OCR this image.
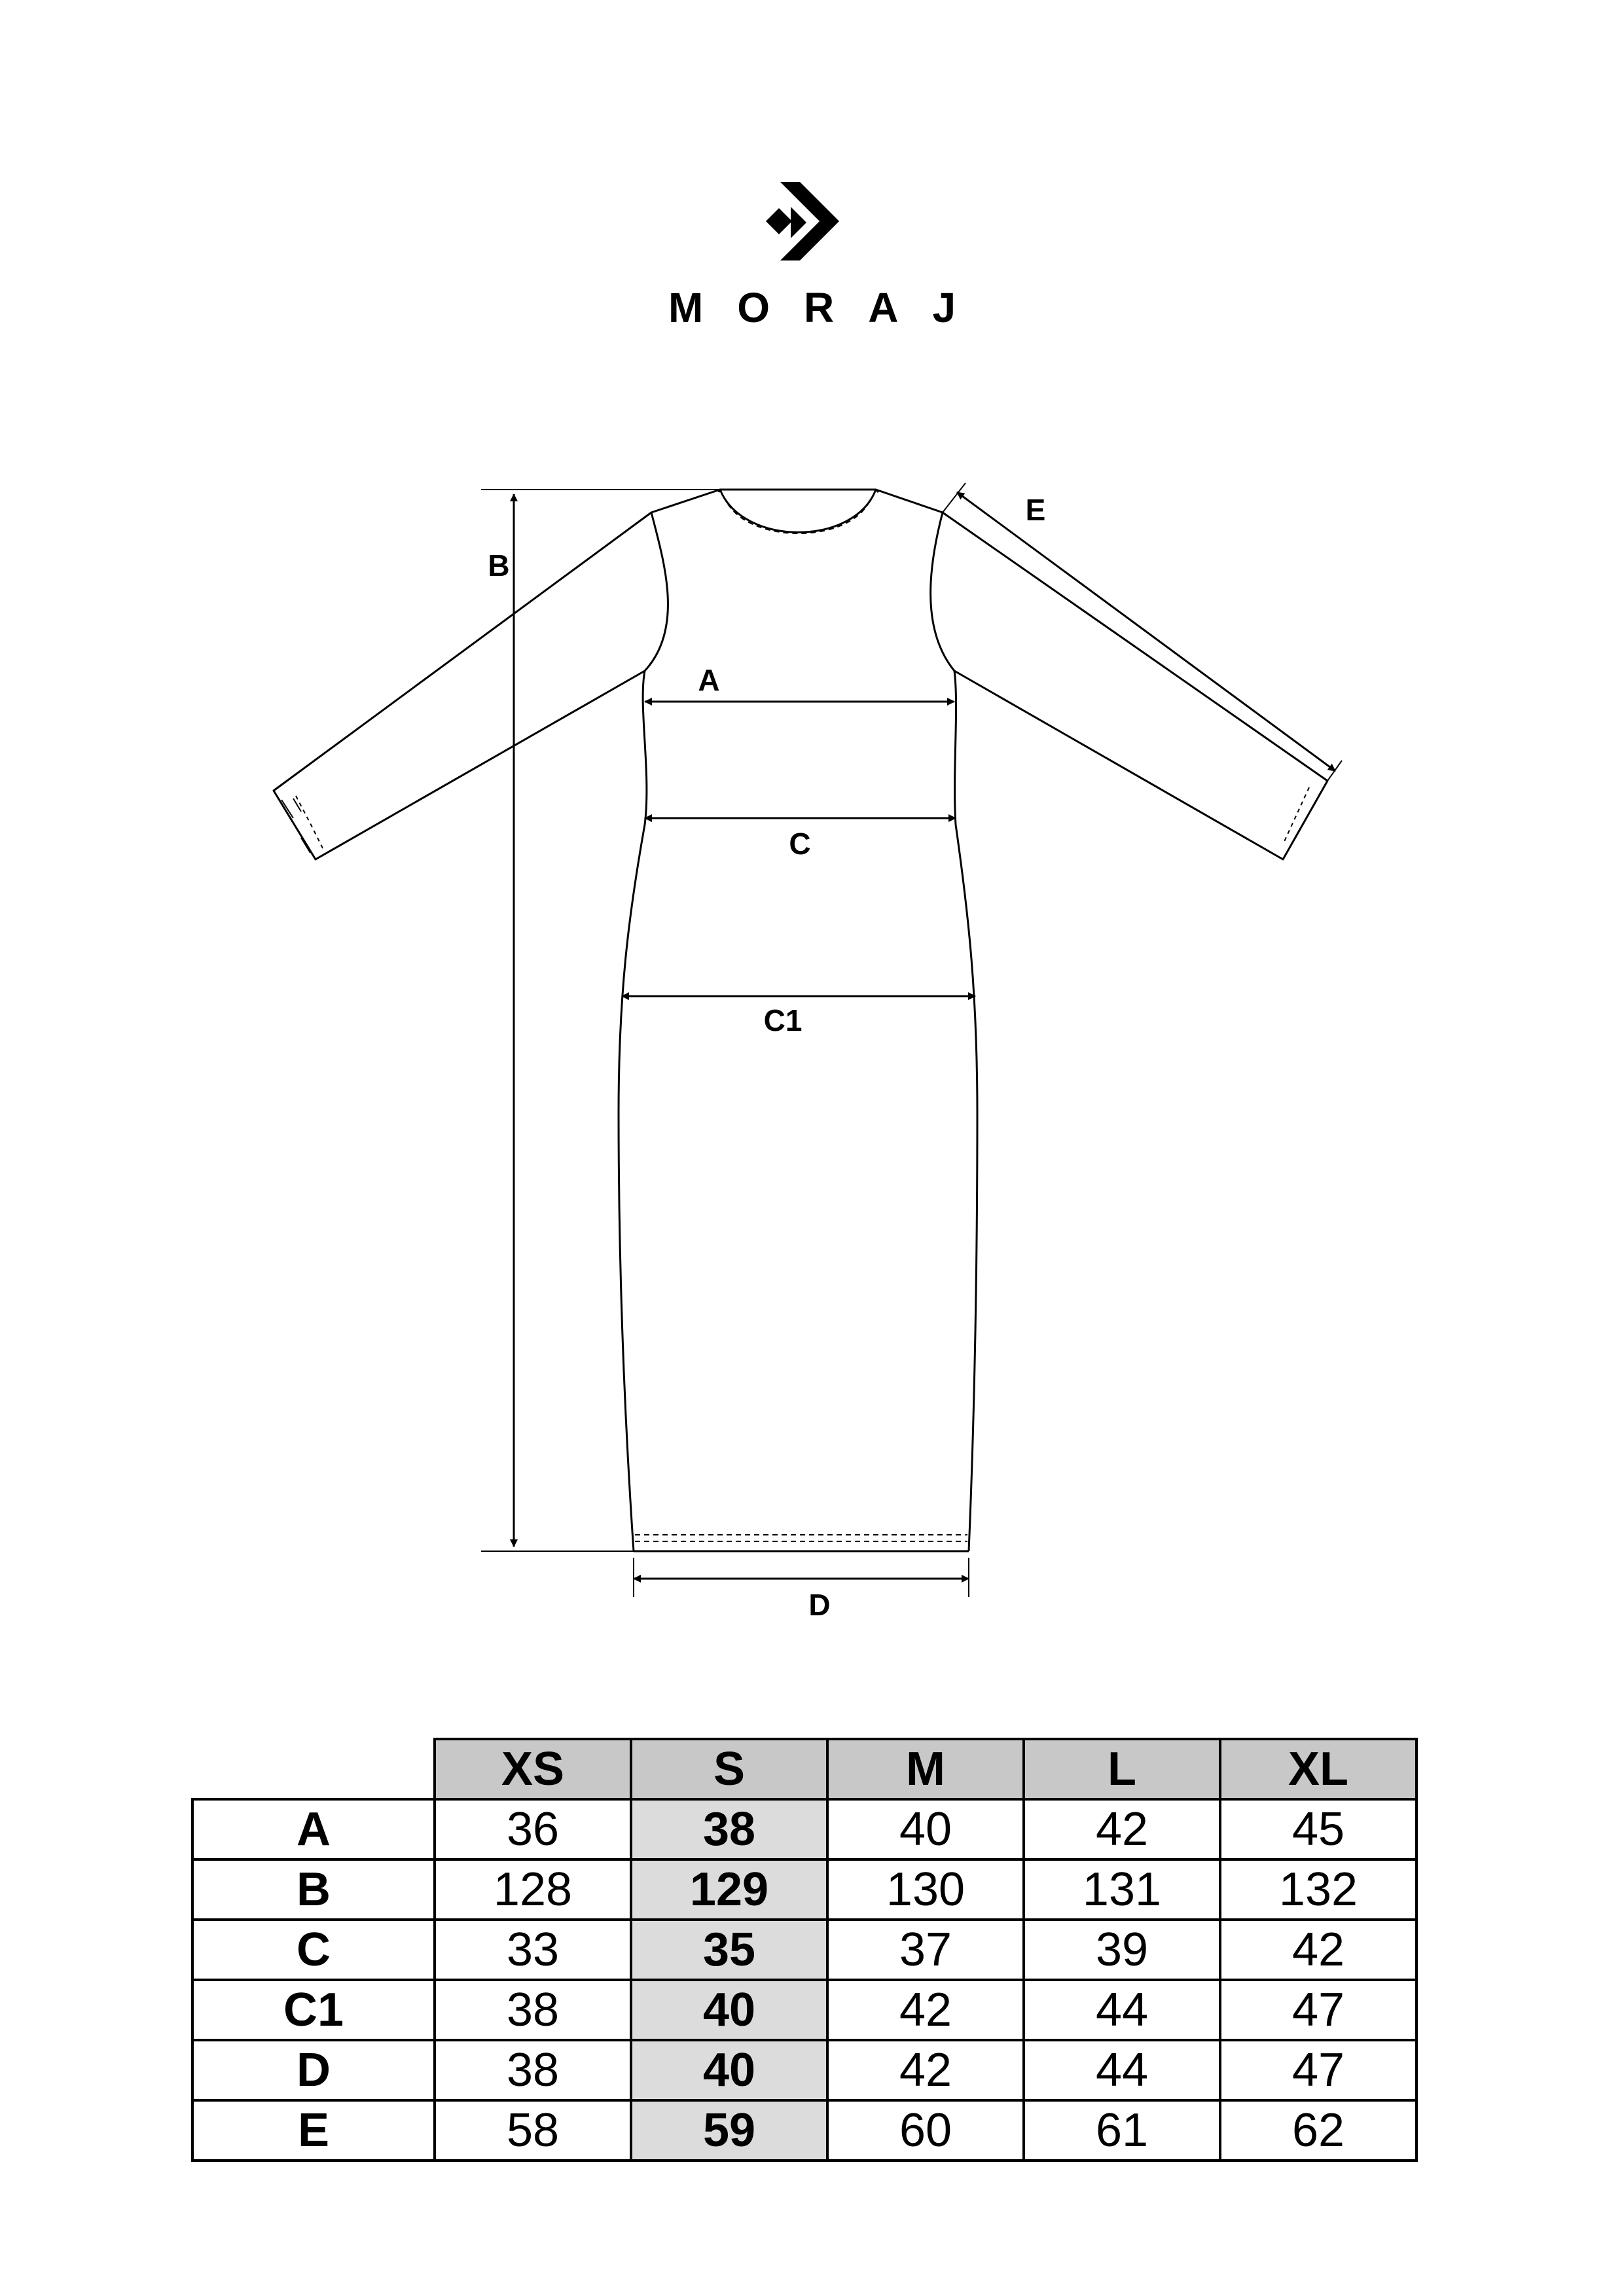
MORAJ
B
A
C
C1
D
E
	XS	S	M	L	XL
A	36	38	40	42	45
B	128	129	130	131	132
C	33	35	37	39	42
C1	38	40	42	44	47
D	38	40	42	44	47
E	58	59	60	61	62
